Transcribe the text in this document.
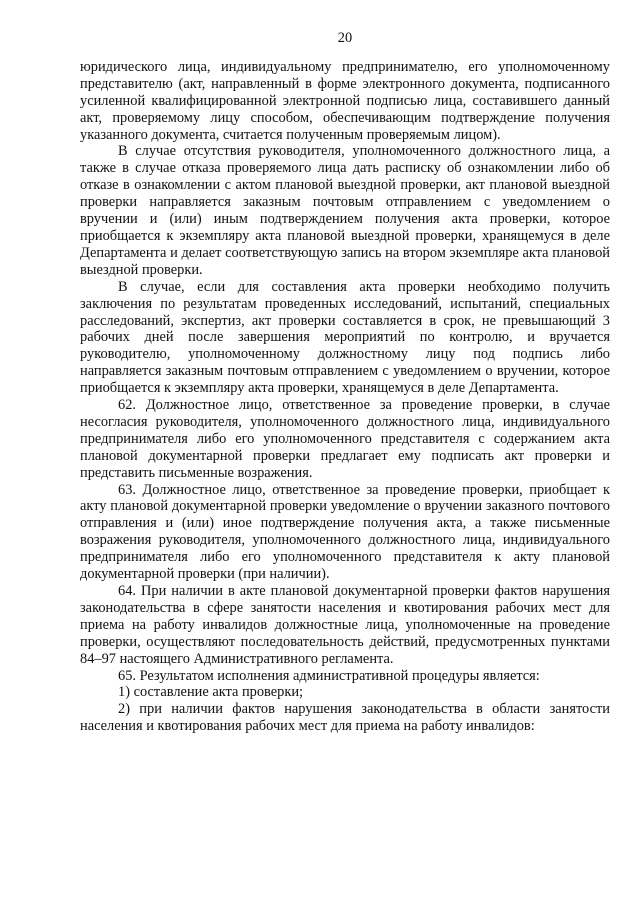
20

юридического лица, индивидуальному предпринимателю, его уполномоченному представителю (акт, направленный в форме электронного документа, подписанного усиленной квалифицированной электронной подписью лица, составившего данный акт, проверяемому лицу способом, обеспечивающим подтверждение получения указанного документа, считается полученным проверяемым лицом).

В случае отсутствия руководителя, уполномоченного должностного лица, а также в случае отказа проверяемого лица дать расписку об ознакомлении либо об отказе в ознакомлении с актом плановой выездной проверки, акт плановой выездной проверки направляется заказным почтовым отправлением с уведомлением о вручении и (или) иным подтверждением получения акта проверки, которое приобщается к экземпляру акта плановой выездной проверки, хранящемуся в деле Департамента и делает соответствующую запись на втором экземпляре акта плановой выездной проверки.

В случае, если для составления акта проверки необходимо получить заключения по результатам проведенных исследований, испытаний, специальных расследований, экспертиз, акт проверки составляется в срок, не превышающий 3 рабочих дней после завершения мероприятий по контролю, и вручается руководителю, уполномоченному должностному лицу под подпись либо направляется заказным почтовым отправлением с уведомлением о вручении, которое приобщается к экземпляру акта проверки, хранящемуся в деле Департамента.

62. Должностное лицо, ответственное за проведение проверки, в случае несогласия руководителя, уполномоченного должностного лица, индивидуального предпринимателя либо его уполномоченного представителя с содержанием акта плановой документарной проверки предлагает ему подписать акт проверки и представить письменные возражения.

63. Должностное лицо, ответственное за проведение проверки, приобщает к акту плановой документарной проверки уведомление о вручении заказного почтового отправления и (или) иное подтверждение получения акта, а также письменные возражения руководителя, уполномоченного должностного лица, индивидуального предпринимателя либо его уполномоченного представителя к акту плановой документарной проверки (при наличии).

64. При наличии в акте плановой документарной проверки фактов нарушения законодательства в сфере занятости населения и квотирования рабочих мест для приема на работу инвалидов должностные лица, уполномоченные на проведение проверки, осуществляют последовательность действий, предусмотренных пунктами 84–97 настоящего Административного регламента.

65. Результатом исполнения административной процедуры является:

1) составление акта проверки;

2) при наличии фактов нарушения законодательства в области занятости населения и квотирования рабочих мест для приема на работу инвалидов:
